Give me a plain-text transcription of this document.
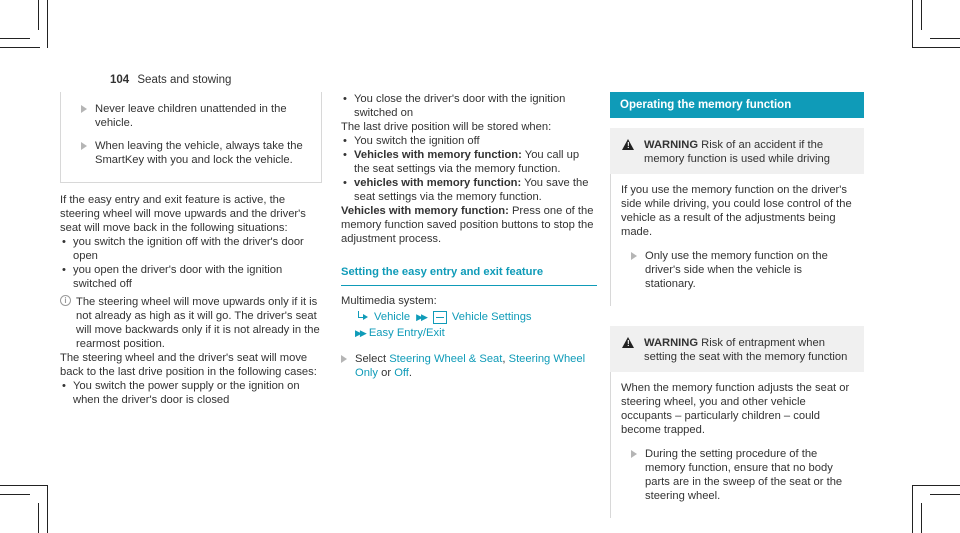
104 Seats and stowing
Never leave children unattended in the vehicle.
When leaving the vehicle, always take the SmartKey with you and lock the vehicle.

If the easy entry and exit feature is active, the steering wheel will move upwards and the driver's seat will move back in the following situations:

• you switch the ignition off with the driver's door open
• you open the driver's door with the ignition switched off
i The steering wheel will move upwards only if it is not already as high as it will go. The driver's seat will move backwards only if it is not already in the rearmost position.

The steering wheel and the driver's seat will move back to the last drive position in the following cases:

• You switch the power supply or the ignition on when the driver's door is closed
• You close the driver's door with the ignition switched on

The last drive position will be stored when:

• You switch the ignition off
• Vehicles with memory function: You call up the seat settings via the memory function.
• vehicles with memory function: You save the seat settings via the memory function.

Vehicles with memory function: Press one of the memory function saved position buttons to stop the adjustment process.

Setting the easy entry and exit feature

Multimedia system:

Vehicle ▶▶ Vehicle Settings
▶▶ Easy Entry/Exit
Select Steering Wheel & Seat, Steering Wheel Only or Off.
Operating the memory function
! WARNING Risk of an accident if the memory function is used while driving

If you use the memory function on the driver's side while driving, you could lose control of the vehicle as a result of the adjustments being made.

Only use the memory function on the driver's side when the vehicle is stationary.
! WARNING Risk of entrapment when setting the seat with the memory function

When the memory function adjusts the seat or steering wheel, you and other vehicle occupants – particularly children – could become trapped.

During the setting procedure of the memory function, ensure that no body parts are in the sweep of the seat or the steering wheel.
